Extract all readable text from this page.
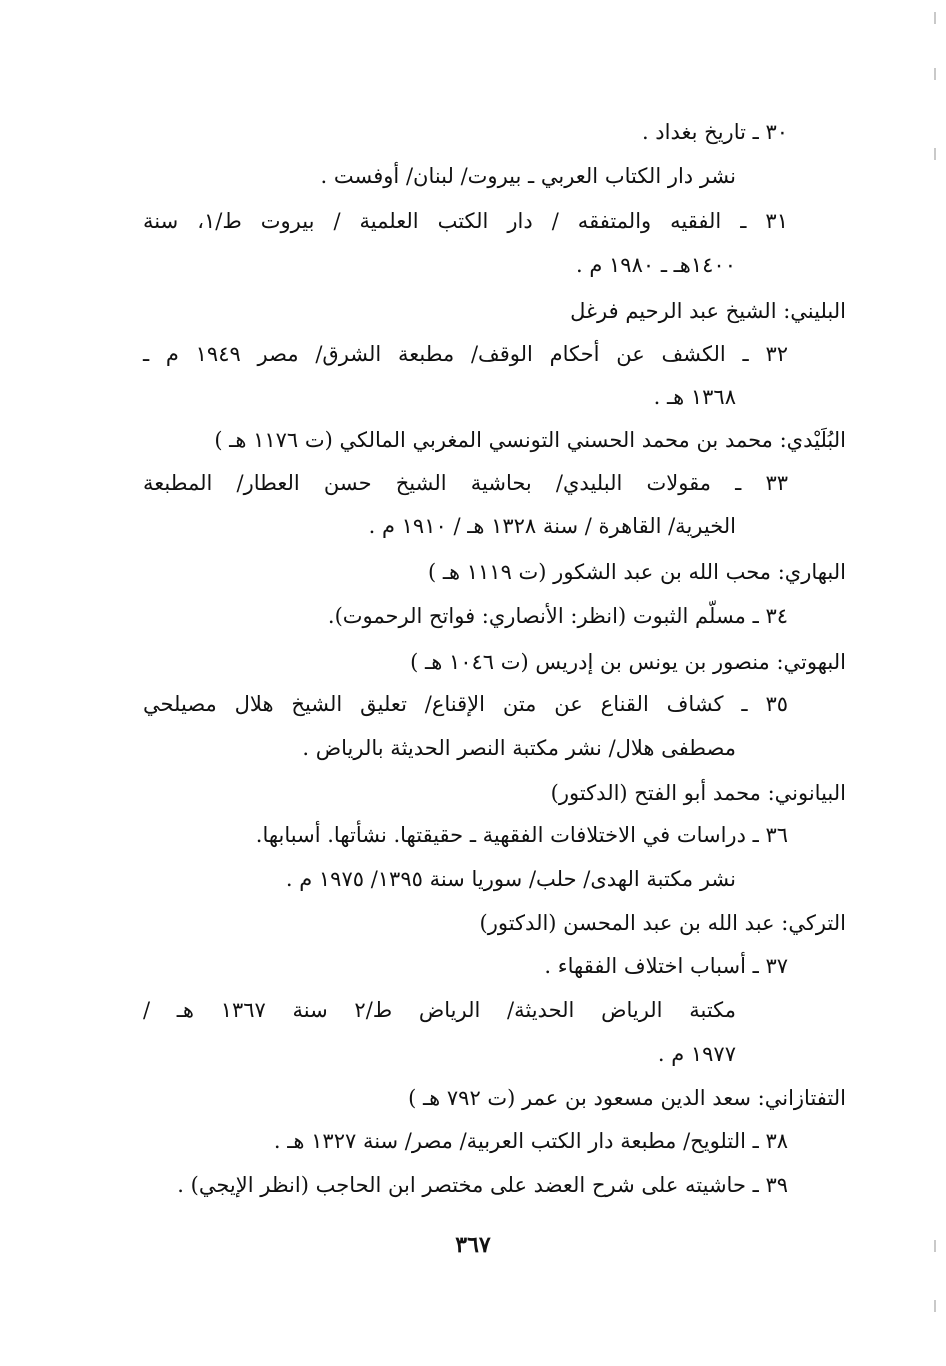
٣٠ ـ تاريخ بغداد .
نشر دار الكتاب العربي ـ بيروت/ لبنان/ أوفست .
٣١ ـ الفقيه والمتفقه / دار الكتب العلمية / بيروت ط/١، سنة
١٤٠٠هـ ـ ١٩٨٠ م .
البليني: الشيخ عبد الرحيم فرغل
٣٢ ـ الكشف عن أحكام الوقف/ مطبعة الشرق/ مصر ١٩٤٩ م ـ
١٣٦٨ هـ .
البُلَيْدي: محمد بن محمد الحسني التونسي المغربي المالكي (ت ١١٧٦ هـ )
٣٣ ـ مقولات البليدي/ بحاشية الشيخ حسن العطار/ المطبعة
الخيرية/ القاهرة / سنة ١٣٢٨ هـ / ١٩١٠ م .
البهاري: محب الله بن عبد الشكور (ت ١١١٩ هـ )
٣٤ ـ مسلّم الثبوت (انظر: الأنصاري: فواتح الرحموت).
البهوتي: منصور بن يونس بن إدريس (ت ١٠٤٦ هـ )
٣٥ ـ كشاف القناع عن متن الإقناع/ تعليق الشيخ هلال مصيلحي
مصطفى هلال/ نشر مكتبة النصر الحديثة بالرياض .
البيانوني: محمد أبو الفتح (الدكتور)
٣٦ ـ دراسات في الاختلافات الفقهية ـ حقيقتها. نشأتها. أسبابها.
نشر مكتبة الهدى/ حلب/ سوريا سنة ١٣٩٥/ ١٩٧٥ م .
التركي: عبد الله بن عبد المحسن (الدكتور)
٣٧ ـ أسباب اختلاف الفقهاء .
مكتبة الرياض الحديثة/ الرياض ط/٢ سنة ١٣٦٧ هـ /
١٩٧٧ م .
التفتازاني: سعد الدين مسعود بن عمر (ت ٧٩٢ هـ )
٣٨ ـ التلويح/ مطبعة دار الكتب العربية/ مصر/ سنة ١٣٢٧ هـ .
٣٩ ـ حاشيته على شرح العضد على مختصر ابن الحاجب (انظر الإيجي) .
٣٦٧
